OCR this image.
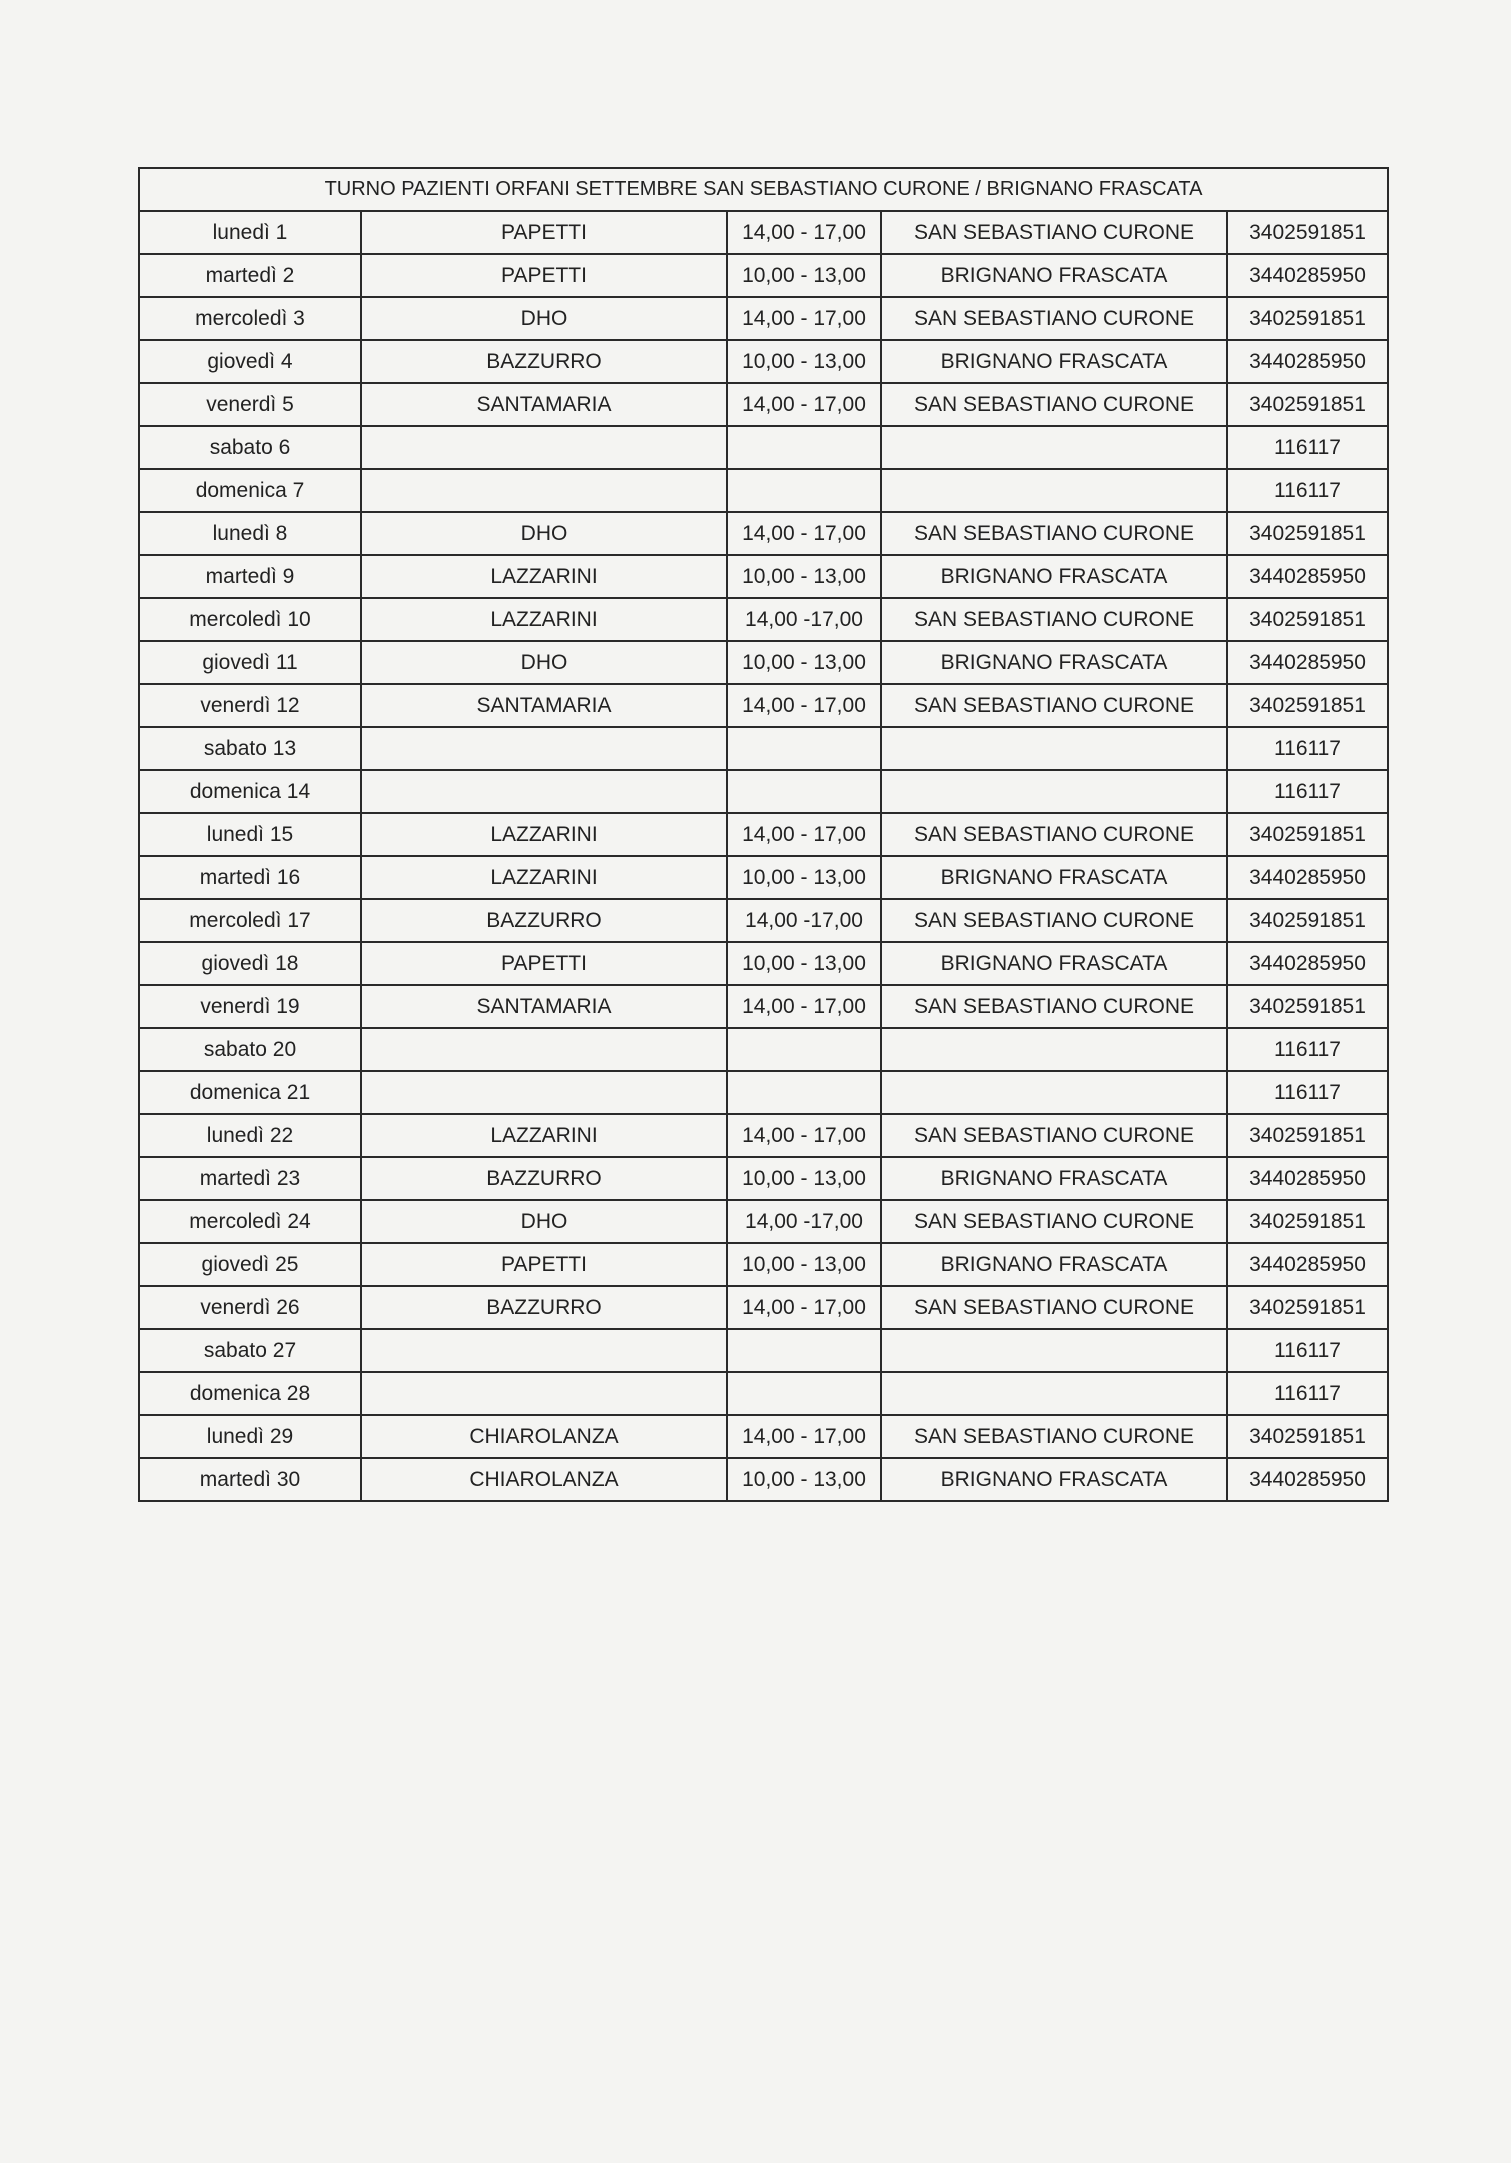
TURNO PAZIENTI ORFANI SETTEMBRE SAN SEBASTIANO CURONE / BRIGNANO FRASCATA				
lunedì 1	PAPETTI	14,00 - 17,00	SAN SEBASTIANO CURONE	3402591851
martedì 2	PAPETTI	10,00 - 13,00	BRIGNANO FRASCATA	3440285950
mercoledì 3	DHO	14,00 - 17,00	SAN SEBASTIANO CURONE	3402591851
giovedì 4	BAZZURRO	10,00 - 13,00	BRIGNANO FRASCATA	3440285950
venerdì 5	SANTAMARIA	14,00 - 17,00	SAN SEBASTIANO CURONE	3402591851
sabato 6				116117
domenica 7				116117
lunedì 8	DHO	14,00 - 17,00	SAN SEBASTIANO CURONE	3402591851
martedì 9	LAZZARINI	10,00 - 13,00	BRIGNANO FRASCATA	3440285950
mercoledì 10	LAZZARINI	14,00 -17,00	SAN SEBASTIANO CURONE	3402591851
giovedì 11	DHO	10,00 - 13,00	BRIGNANO FRASCATA	3440285950
venerdì 12	SANTAMARIA	14,00 - 17,00	SAN SEBASTIANO CURONE	3402591851
sabato 13				116117
domenica 14				116117
lunedì 15	LAZZARINI	14,00 - 17,00	SAN SEBASTIANO CURONE	3402591851
martedì 16	LAZZARINI	10,00 - 13,00	BRIGNANO FRASCATA	3440285950
mercoledì 17	BAZZURRO	14,00 -17,00	SAN SEBASTIANO CURONE	3402591851
giovedì 18	PAPETTI	10,00 - 13,00	BRIGNANO FRASCATA	3440285950
venerdì 19	SANTAMARIA	14,00 - 17,00	SAN SEBASTIANO CURONE	3402591851
sabato 20				116117
domenica 21				116117
lunedì 22	LAZZARINI	14,00 - 17,00	SAN SEBASTIANO CURONE	3402591851
martedì 23	BAZZURRO	10,00 - 13,00	BRIGNANO FRASCATA	3440285950
mercoledì 24	DHO	14,00 -17,00	SAN SEBASTIANO CURONE	3402591851
giovedì 25	PAPETTI	10,00 - 13,00	BRIGNANO FRASCATA	3440285950
venerdì 26	BAZZURRO	14,00 - 17,00	SAN SEBASTIANO CURONE	3402591851
sabato 27				116117
domenica 28				116117
lunedì 29	CHIAROLANZA	14,00 - 17,00	SAN SEBASTIANO CURONE	3402591851
martedì 30	CHIAROLANZA	10,00 - 13,00	BRIGNANO FRASCATA	3440285950
